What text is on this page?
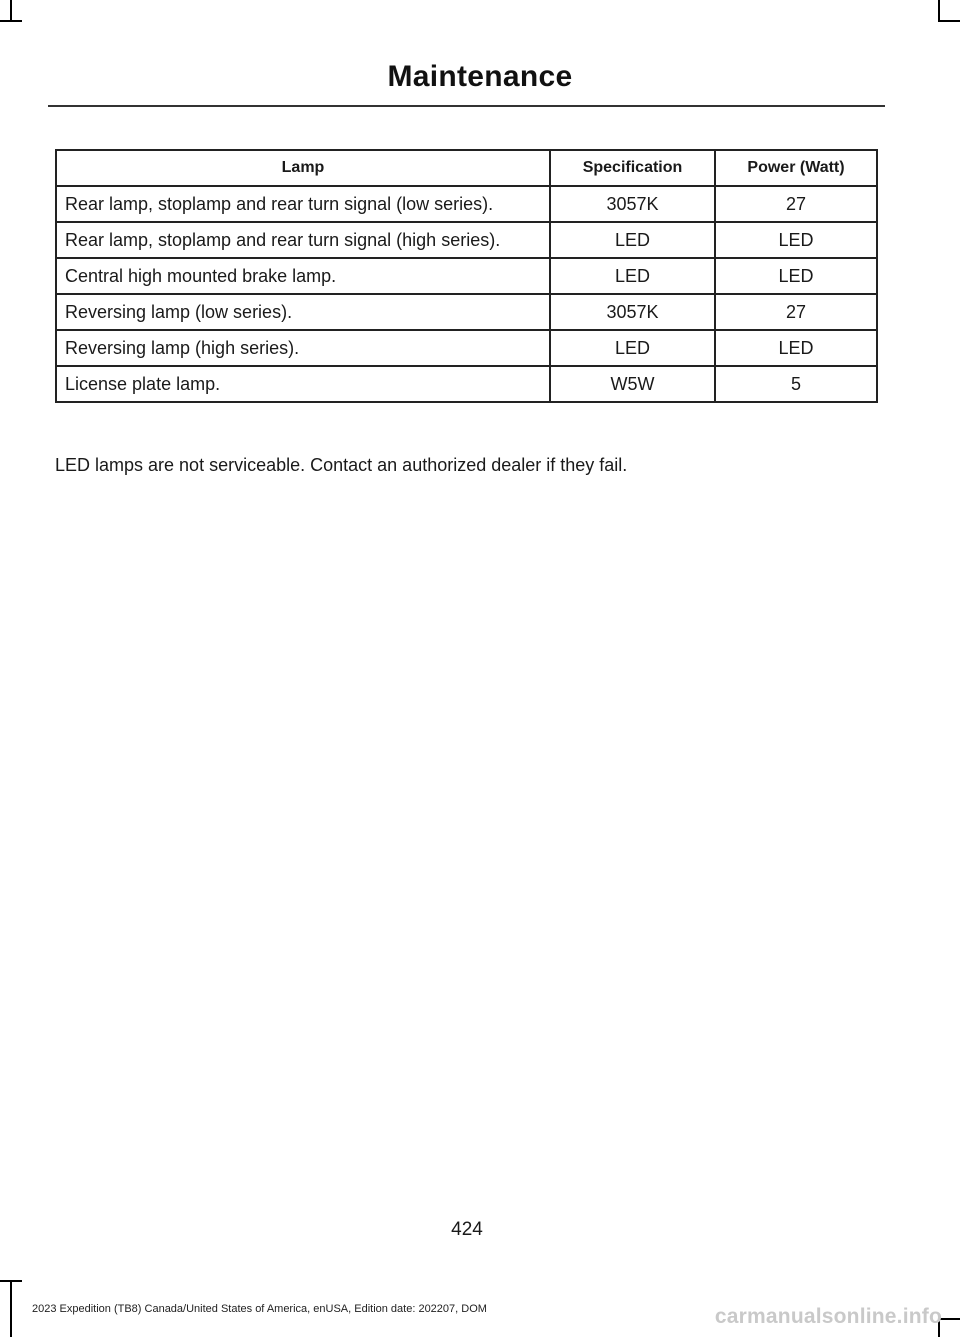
Maintenance
Lamp	Specification	Power (Watt)
Rear lamp, stoplamp and rear turn signal (low series).	3057K	27
Rear lamp, stoplamp and rear turn signal (high series).	LED	LED
Central high mounted brake lamp.	LED	LED
Reversing lamp (low series).	3057K	27
Reversing lamp (high series).	LED	LED
License plate lamp.	W5W	5
LED lamps are not serviceable. Contact an authorized dealer if they fail.
424
2023 Expedition (TB8) Canada/United States of America, enUSA, Edition date: 202207, DOM	carmanualsonline.info
